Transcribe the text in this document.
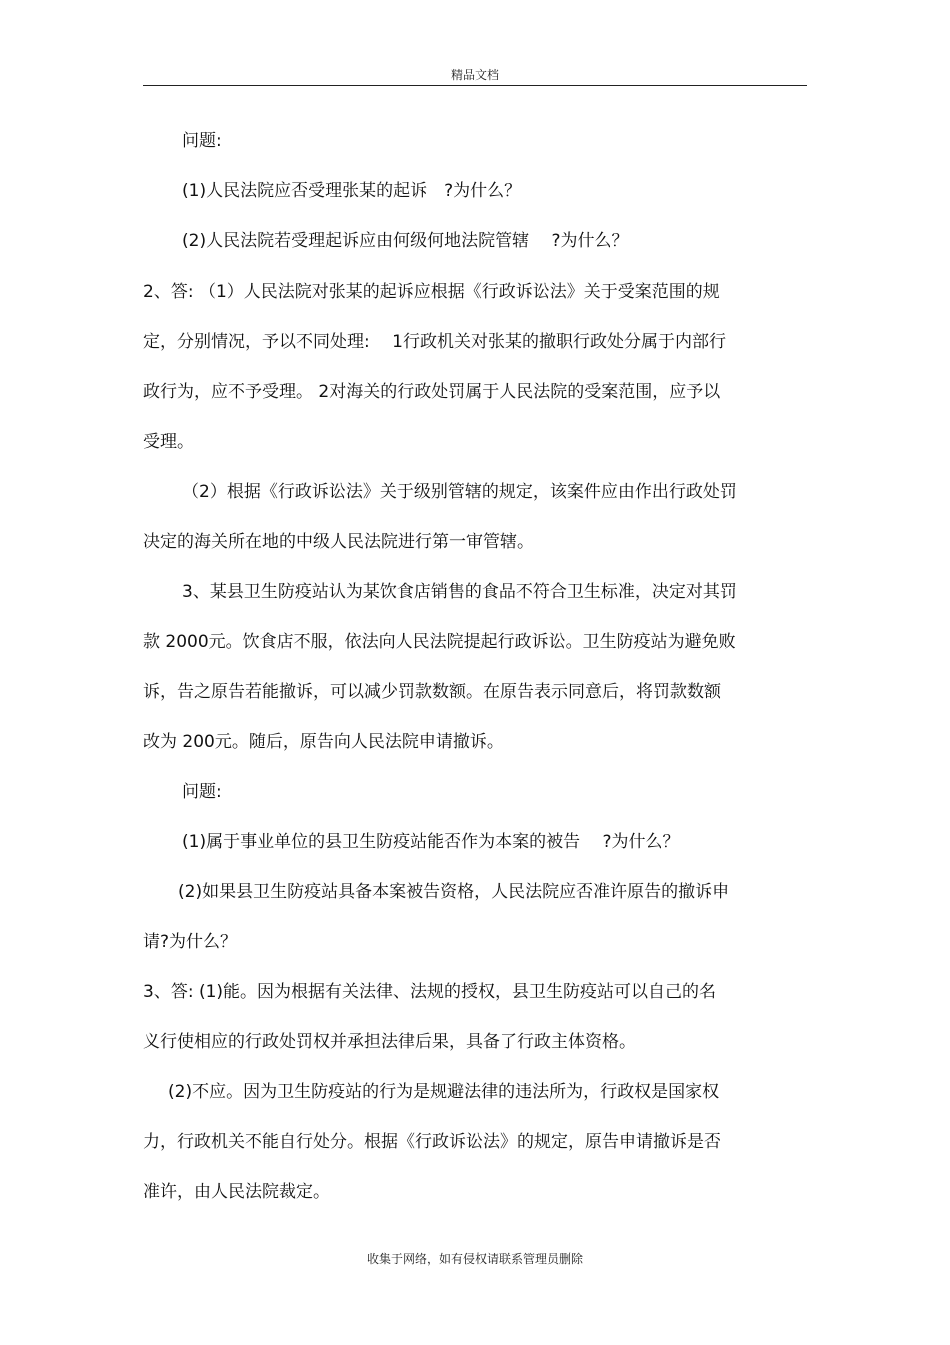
精品文档
问题:
(1)人民法院应否受理张某的起诉　?为什么？
(2)人民法院若受理起诉应由何级何地法院管辖　 ?为什么？
2、答: （1）人民法院对张某的起诉应根据《行政诉讼法》关于受案范围的规
定，分别情况，予以不同处理:　 1行政机关对张某的撤职行政处分属于内部行
政行为，应不予受理。 2对海关的行政处罚属于人民法院的受案范围，应予以
受理。
（2）根据《行政诉讼法》关于级别管辖的规定，该案件应由作出行政处罚
决定的海关所在地的中级人民法院进行第一审管辖。
3、某县卫生防疫站认为某饮食店销售的食品不符合卫生标准，决定对其罚
款 2000元。饮食店不服，依法向人民法院提起行政诉讼。卫生防疫站为避免败
诉，告之原告若能撤诉，可以减少罚款数额。在原告表示同意后，将罚款数额
改为 200元。随后，原告向人民法院申请撤诉。
问题:
(1)属于事业单位的县卫生防疫站能否作为本案的被告　 ?为什么？
(2)如果县卫生防疫站具备本案被告资格，人民法院应否准许原告的撤诉申
请?为什么？
3、答: (1)能。因为根据有关法律、法规的授权，县卫生防疫站可以自己的名
义行使相应的行政处罚权并承担法律后果，具备了行政主体资格。
(2)不应。因为卫生防疫站的行为是规避法律的违法所为，行政权是国家权
力，行政机关不能自行处分。根据《行政诉讼法》的规定，原告申请撤诉是否
准许，由人民法院裁定。
收集于网络，如有侵权请联系管理员删除
